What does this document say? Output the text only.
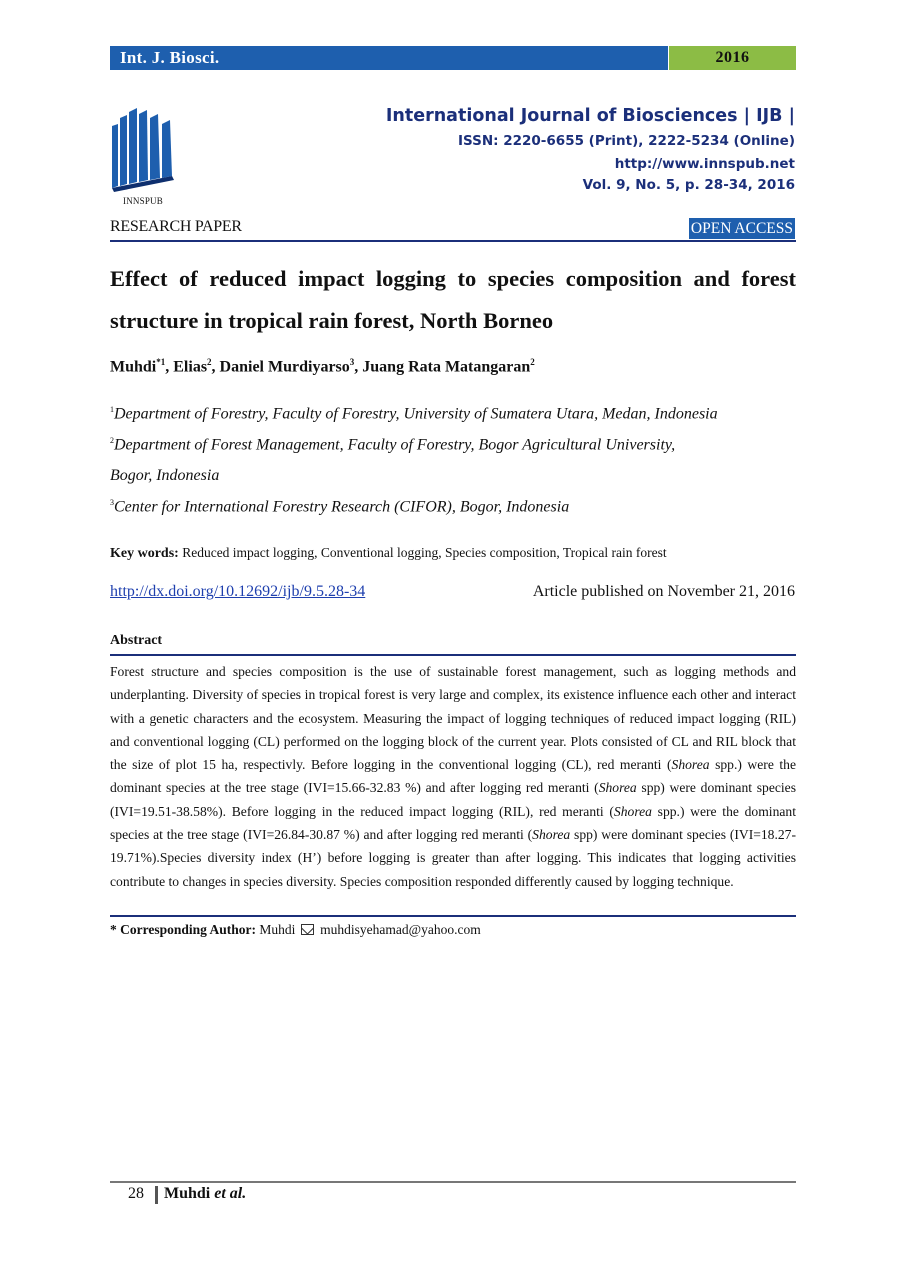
Int. J. Biosci.	2016
INNSPUB
International Journal of Biosciences | IJB |
ISSN: 2220-6655 (Print), 2222-5234 (Online)
http://www.innspub.net
Vol. 9, No. 5, p. 28-34, 2016
RESEARCH PAPER	OPEN ACCESS
Effect of reduced impact logging to species composition and forest structure in tropical rain forest, North Borneo
Muhdi$^{*1}$, Elias$^2$, Daniel Murdiyarso$^3$, Juang Rata Matangaran$^2$
$^1$Department of Forestry, Faculty of Forestry, University of Sumatera Utara, Medan, Indonesia
$^2$Department of Forest Management, Faculty of Forestry, Bogor Agricultural University,
Bogor, Indonesia
$^3$Center for International Forestry Research (CIFOR), Bogor, Indonesia
Key words: Reduced impact logging, Conventional logging, Species composition, Tropical rain forest
http://dx.doi.org/10.12692/ijb/9.5.28-34	Article published on November 21, 2016
Abstract
Forest structure and species composition is the use of sustainable forest management, such as logging methods and underplanting. Diversity of species in tropical forest is very large and complex, its existence influence each other and interact with a genetic characters and the ecosystem. Measuring the impact of logging techniques of reduced impact logging (RIL) and conventional logging (CL) performed on the logging block of the current year. Plots consisted of CL and RIL block that the size of plot 15 ha, respectivly. Before logging in the conventional logging (CL), red meranti (Shorea spp.) were the dominant species at the tree stage (IVI=15.66-32.83 %) and after logging red meranti (Shorea spp) were dominant species (IVI=19.51-38.58%). Before logging in the reduced impact logging (RIL), red meranti (Shorea spp.) were the dominant species at the tree stage (IVI=26.84-30.87 %) and after logging red meranti (Shorea spp) were dominant species (IVI=18.27-19.71%).Species diversity index (H’) before logging is greater than after logging. This indicates that logging activities contribute to changes in species diversity. Species composition responded differently caused by logging technique.
* Corresponding Author: Muhdi muhdisyehamad@yahoo.com
28 Muhdi et al.
